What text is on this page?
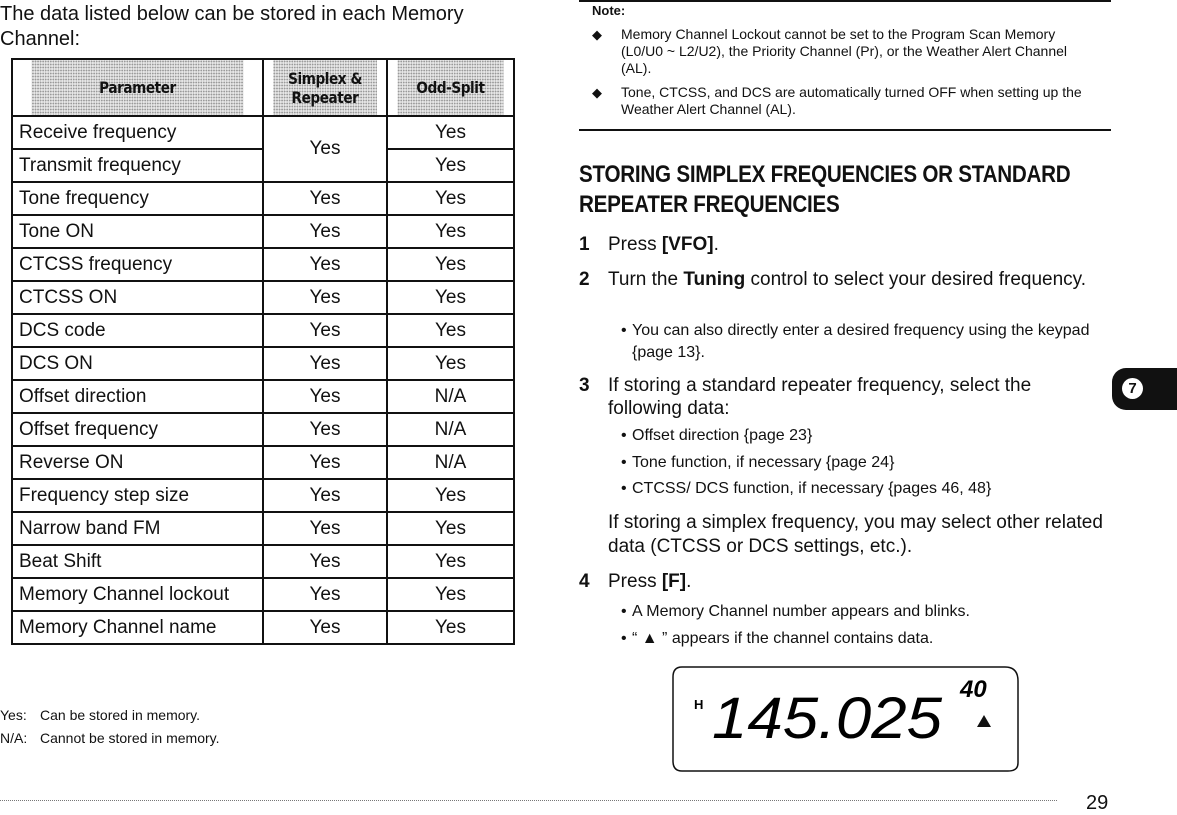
The data listed below can be stored in each Memory Channel:
Parameter	Simplex & Repeater	Odd-Split
Receive frequency	Yes	Yes
Transmit frequency		Yes
Tone frequency	Yes	Yes
Tone ON	Yes	Yes
CTCSS frequency	Yes	Yes
CTCSS ON	Yes	Yes
DCS code	Yes	Yes
DCS ON	Yes	Yes
Offset direction	Yes	N/A
Offset frequency	Yes	N/A
Reverse ON	Yes	N/A
Frequency step size	Yes	Yes
Narrow band FM	Yes	Yes
Beat Shift	Yes	Yes
Memory Channel lockout	Yes	Yes
Memory Channel name	Yes	Yes
Yes: Can be stored in memory.
N/A: Cannot be stored in memory.
Note:
◆ Memory Channel Lockout cannot be set to the Program Scan Memory (L0/U0 ~ L2/U2), the Priority Channel (Pr), or the Weather Alert Channel (AL).
◆ Tone, CTCSS, and DCS are automatically turned OFF when setting up the Weather Alert Channel (AL).
STORING SIMPLEX FREQUENCIES OR STANDARD
REPEATER FREQUENCIES
1 Press [VFO].
2 Turn the Tuning control to select your desired frequency.
• You can also directly enter a desired frequency using the keypad {page 13}.
3 If storing a standard repeater frequency, select the following data:
• Offset direction {page 23}
• Tone function, if necessary {page 24}
• CTCSS/ DCS function, if necessary {pages 46, 48}
If storing a simplex frequency, you may select other related data (CTCSS or DCS settings, etc.).
4 Press [F].
• A Memory Channel number appears and blinks.
• “ ▲ ” appears if the channel contains data.
H 145.025 40
7
29
